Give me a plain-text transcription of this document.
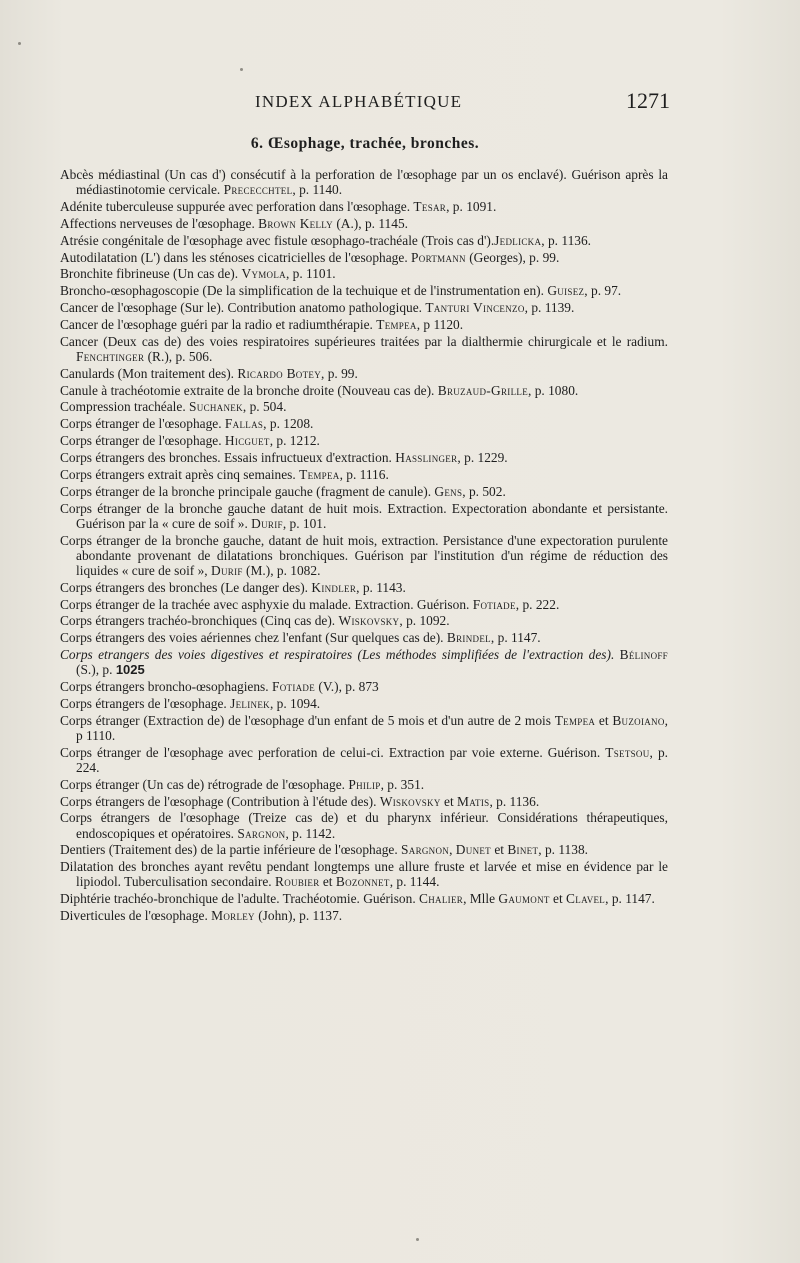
INDEX ALPHABÉTIQUE	1271
6. Œsophage, trachée, bronches.

Abcès médiastinal (Un cas d') consécutif à la perforation de l'œsophage par un os enclavé). Guérison après la médiastinotomie cervicale. Prececchtel, p. 1140.

Adénite tuberculeuse suppurée avec perforation dans l'œsophage. Tesar, p. 1091.

Affections nerveuses de l'œsophage. Brown Kelly (A.), p. 1145.

Atrésie congénitale de l'œsophage avec fistule œsophago-trachéale (Trois cas d').Jedlicka, p. 1136.

Autodilatation (L') dans les sténoses cicatricielles de l'œsophage. Portmann (Georges), p. 99.

Bronchite fibrineuse (Un cas de). Vymola, p. 1101.

Broncho-œsophagoscopie (De la simplification de la techuique et de l'instrumentation en). Guisez, p. 97.

Cancer de l'œsophage (Sur le). Contribution anatomo pathologique. Tanturi Vincenzo, p. 1139.

Cancer de l'œsophage guéri par la radio et radiumthérapie. Tempea, p 1120.

Cancer (Deux cas de) des voies respiratoires supérieures traitées par la dialthermie chirurgicale et le radium. Fenchtinger (R.), p. 506.

Canulards (Mon traitement des). Ricardo Botey, p. 99.

Canule à trachéotomie extraite de la bronche droite (Nouveau cas de). Bruzaud-Grille, p. 1080.

Compression trachéale. Suchanek, p. 504.

Corps étranger de l'œsophage. Fallas, p. 1208.

Corps étranger de l'œsophage. Hicguet, p. 1212.

Corps étrangers des bronches. Essais infructueux d'extraction. Hasslinger, p. 1229.

Corps étrangers extrait après cinq semaines. Tempea, p. 1116.

Corps étranger de la bronche principale gauche (fragment de canule). Gens, p. 502.

Corps étranger de la bronche gauche datant de huit mois. Extraction. Expectoration abondante et persistante. Guérison par la « cure de soif ». Durif, p. 101.

Corps étranger de la bronche gauche, datant de huit mois, extraction. Persistance d'une expectoration purulente abondante provenant de dilatations bronchiques. Guérison par l'institution d'un régime de réduction des liquides « cure de soif », Durif (M.), p. 1082.

Corps étrangers des bronches (Le danger des). Kindler, p. 1143.

Corps étranger de la trachée avec asphyxie du malade. Extraction. Guérison. Fotiade, p. 222.

Corps étrangers trachéo-bronchiques (Cinq cas de). Wiskovsky, p. 1092.

Corps étrangers des voies aériennes chez l'enfant (Sur quelques cas de). Brindel, p. 1147.

Corps etrangers des voies digestives et respiratoires (Les méthodes simplifiées de l'extraction des). Bélinoff (S.), p. 1025

Corps étrangers broncho-œsophagiens. Fotiade (V.), p. 873

Corps étrangers de l'œsophage. Jelinek, p. 1094.

Corps étranger (Extraction de) de l'œsophage d'un enfant de 5 mois et d'un autre de 2 mois Tempea et Buzoiano, p 1110.

Corps étranger de l'œsophage avec perforation de celui-ci. Extraction par voie externe. Guérison. Tsetsou, p. 224.

Corps étranger (Un cas de) rétrograde de l'œsophage. Philip, p. 351.

Corps étrangers de l'œsophage (Contribution à l'étude des). Wiskovsky et Matis, p. 1136.

Corps étrangers de l'œsophage (Treize cas de) et du pharynx inférieur. Considérations thérapeutiques, endoscopiques et opératoires. Sargnon, p. 1142.

Dentiers (Traitement des) de la partie inférieure de l'œsophage. Sargnon, Dunet et Binet, p. 1138.

Dilatation des bronches ayant revêtu pendant longtemps une allure fruste et larvée et mise en évidence par le lipiodol. Tuberculisation secondaire. Roubier et Bozonnet, p. 1144.

Diphtérie trachéo-bronchique de l'adulte. Trachéotomie. Guérison. Chalier, Mlle Gaumont et Clavel, p. 1147.

Diverticules de l'œsophage. Morley (John), p. 1137.
